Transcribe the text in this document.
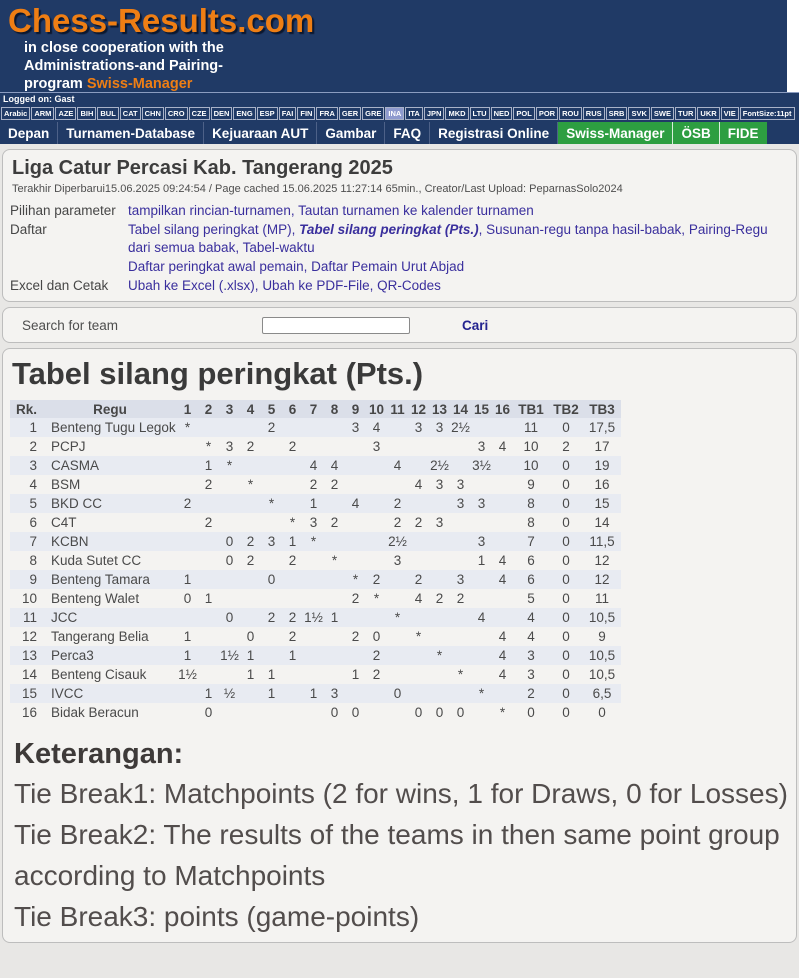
Chess-Results.com
in close cooperation with the
Administrations-and Pairing-
program Swiss-Manager
Logged on: Gast
Arabic ARM AZE BIH BUL CAT CHN CRO CZE DEN ENG ESP FAI FIN FRA GER GRE INA ITA JPN MKD LTU NED POL POR ROU RUS SRB SVK SWE TUR UKR VIE FontSize:11pt
Depan	Turnamen-Database	Kejuaraan AUT	Gambar	FAQ	Registrasi Online	Swiss-Manager	ÖSB	FIDE
Liga Catur Percasi Kab. Tangerang 2025
Terakhir Diperbarui15.06.2025 09:24:54 / Page cached 15.06.2025 11:27:14 65min., Creator/Last Upload: PeparnasSolo2024
Pilihan parameter tampilkan rincian-turnamen, Tautan turnamen ke kalender turnamen
Daftar	Tabel silang peringkat (MP), Tabel silang peringkat (Pts.), Susunan-regu tanpa hasil-babak, Pairing-Regu dari semua babak, Tabel-waktu
Daftar peringkat awal pemain, Daftar Pemain Urut Abjad
Excel dan Cetak	Ubah ke Excel (.xlsx), Ubah ke PDF-File, QR-Codes
Search for team	Cari
Tabel silang peringkat (Pts.)
Rk.	Regu	1	2	3	4	5	6	7	8	9	10	11	12	13	14	15	16	TB1	TB2	TB3
1	Benteng Tugu Legok	*				2				3	4		3	3	2½			11	0	17,5
2	PCPJ		*	3	2		2				3					3	4	10	2	17
3	CASMA		1	*				4	4			4		2½		3½		10	0	19
4	BSM		2		*			2	2				4	3	3			9	0	16
5	BKD CC	2				*		1		4		2			3	3		8	0	15
6	C4T		2				*	3	2			2	2	3				8	0	14
7	KCBN			0	2	3	1	*				2½				3		7	0	11,5
8	Kuda Sutet CC			0	2		2		*			3				1	4	6	0	12
9	Benteng Tamara	1				0				*	2		2		3		4	6	0	12
10	Benteng Walet	0	1							2	*		4	2	2			5	0	11
11	JCC			0		2	2	1½	1			*				4		4	0	10,5
12	Tangerang Belia	1			0		2			2	0		*				4	4	0	9
13	Perca3	1		1½	1		1				2			*			4	3	0	10,5
14	Benteng Cisauk	1½			1	1				1	2				*		4	3	0	10,5
15	IVCC		1	½		1		1	3			0				*		2	0	6,5
16	Bidak Beracun		0						0	0			0	0	0		*	0	0	0
Keterangan:
Tie Break1: Matchpoints (2 for wins, 1 for Draws, 0 for Losses)
Tie Break2: The results of the teams in then same point group according to Matchpoints
Tie Break3: points (game-points)
